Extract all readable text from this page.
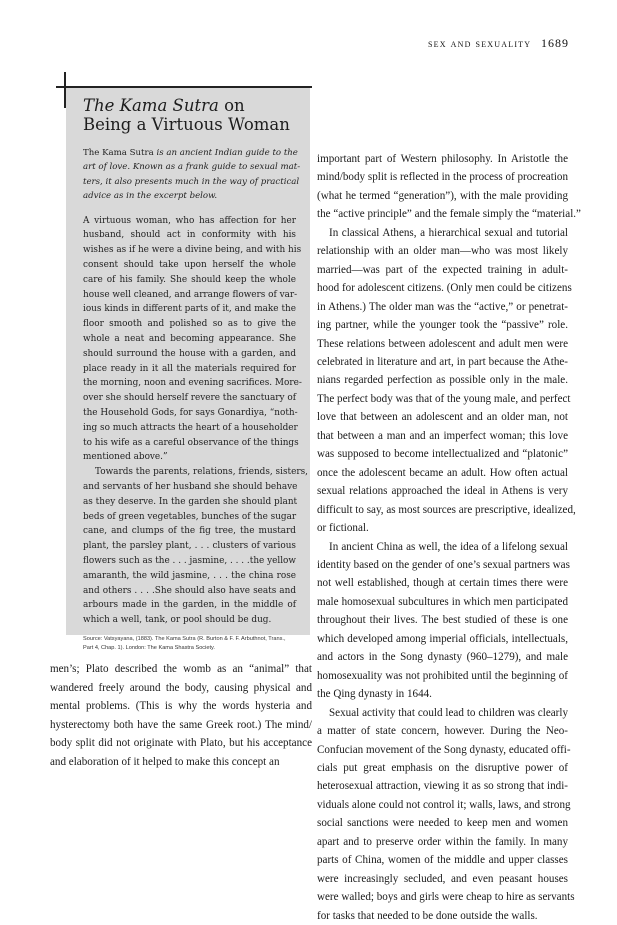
sex and sexuality 1689
The Kama Sutra on
Being a Virtuous Woman
The Kama Sutra is an ancient Indian guide to the
art of love. Known as a frank guide to sexual mat-
ters, it also presents much in the way of practical
advice as in the excerpt below.
A virtuous woman, who has affection for her
husband, should act in conformity with his
wishes as if he were a divine being, and with his
consent should take upon herself the whole
care of his family. She should keep the whole
house well cleaned, and arrange flowers of var-
ious kinds in different parts of it, and make the
floor smooth and polished so as to give the
whole a neat and becoming appearance. She
should surround the house with a garden, and
place ready in it all the materials required for
the morning, noon and evening sacrifices. More-
over she should herself revere the sanctuary of
the Household Gods, for says Gonardiya, “noth-
ing so much attracts the heart of a householder
to his wife as a careful observance of the things
mentioned above.”
Towards the parents, relations, friends, sisters,
and servants of her husband she should behave
as they deserve. In the garden she should plant
beds of green vegetables, bunches of the sugar
cane, and clumps of the fig tree, the mustard
plant, the parsley plant, . . . clusters of various
flowers such as the . . . jasmine, . . . .the yellow
amaranth, the wild jasmine, . . . the china rose
and others . . . .She should also have seats and
arbours made in the garden, in the middle of
which a well, tank, or pool should be dug.
Source: Vatsyayana, (1883). The Kama Sutra (R. Burton & F. F. Arbuthnot, Trans.,
Part 4, Chap. 1). London: The Kama Shastra Society.
men’s; Plato described the womb as an “animal” that
wandered freely around the body, causing physical and
mental problems. (This is why the words hysteria and
hysterectomy both have the same Greek root.) The mind/
body split did not originate with Plato, but his acceptance
and elaboration of it helped to make this concept an
important part of Western philosophy. In Aristotle the
mind/body split is reflected in the process of procreation
(what he termed “generation”), with the male providing
the “active principle” and the female simply the “material.”
In classical Athens, a hierarchical sexual and tutorial
relationship with an older man—who was most likely
married—was part of the expected training in adult-
hood for adolescent citizens. (Only men could be citizens
in Athens.) The older man was the “active,” or penetrat-
ing partner, while the younger took the “passive” role.
These relations between adolescent and adult men were
celebrated in literature and art, in part because the Athe-
nians regarded perfection as possible only in the male.
The perfect body was that of the young male, and perfect
love that between an adolescent and an older man, not
that between a man and an imperfect woman; this love
was supposed to become intellectualized and “platonic”
once the adolescent became an adult. How often actual
sexual relations approached the ideal in Athens is very
difficult to say, as most sources are prescriptive, idealized,
or fictional.
In ancient China as well, the idea of a lifelong sexual
identity based on the gender of one’s sexual partners was
not well established, though at certain times there were
male homosexual subcultures in which men participated
throughout their lives. The best studied of these is one
which developed among imperial officials, intellectuals,
and actors in the Song dynasty (960–1279), and male
homosexuality was not prohibited until the beginning of
the Qing dynasty in 1644.
Sexual activity that could lead to children was clearly
a matter of state concern, however. During the Neo-
Confucian movement of the Song dynasty, educated offi-
cials put great emphasis on the disruptive power of
heterosexual attraction, viewing it as so strong that indi-
viduals alone could not control it; walls, laws, and strong
social sanctions were needed to keep men and women
apart and to preserve order within the family. In many
parts of China, women of the middle and upper classes
were increasingly secluded, and even peasant houses
were walled; boys and girls were cheap to hire as servants
for tasks that needed to be done outside the walls.
